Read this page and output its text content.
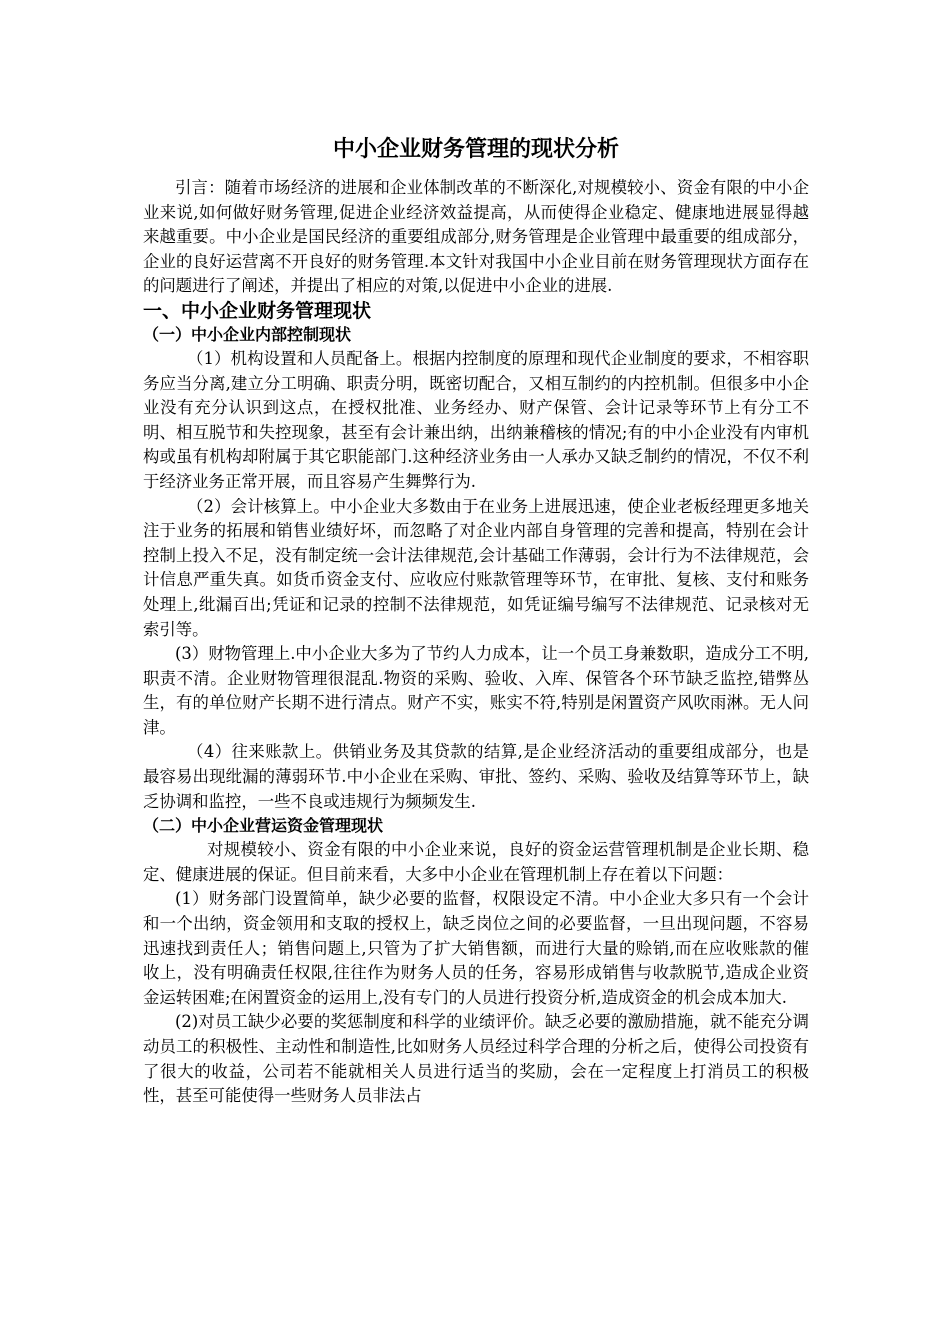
中小企业财务管理的现状分析

引言：随着市场经济的进展和企业体制改革的不断深化,对规模较小、资金有限的中小企业来说,如何做好财务管理,促进企业经济效益提高，从而使得企业稳定、健康地进展显得越来越重要。中小企业是国民经济的重要组成部分,财务管理是企业管理中最重要的组成部分，企业的良好运营离不开良好的财务管理.本文针对我国中小企业目前在财务管理现状方面存在的问题进行了阐述，并提出了相应的对策,以促进中小企业的进展.

一、中小企业财务管理现状
（一）中小企业内部控制现状

（1）机构设置和人员配备上。根据内控制度的原理和现代企业制度的要求，不相容职务应当分离,建立分工明确、职责分明，既密切配合，又相互制约的内控机制。但很多中小企业没有充分认识到这点，在授权批准、业务经办、财产保管、会计记录等环节上有分工不明、相互脱节和失控现象，甚至有会计兼出纳，出纳兼稽核的情况;有的中小企业没有内审机构或虽有机构却附属于其它职能部门.这种经济业务由一人承办又缺乏制约的情况，不仅不利于经济业务正常开展，而且容易产生舞弊行为.

（2）会计核算上。中小企业大多数由于在业务上进展迅速，使企业老板经理更多地关注于业务的拓展和销售业绩好坏，而忽略了对企业内部自身管理的完善和提高，特别在会计控制上投入不足，没有制定统一会计法律规范,会计基础工作薄弱，会计行为不法律规范，会计信息严重失真。如货币资金支付、应收应付账款管理等环节，在审批、复核、支付和账务处理上,纰漏百出;凭证和记录的控制不法律规范，如凭证编号编写不法律规范、记录核对无索引等。

(3）财物管理上.中小企业大多为了节约人力成本，让一个员工身兼数职，造成分工不明,职责不清。企业财物管理很混乱.物资的采购、验收、入库、保管各个环节缺乏监控,错弊丛生，有的单位财产长期不进行清点。财产不实，账实不符,特别是闲置资产风吹雨淋。无人问津。

（4）往来账款上。供销业务及其贷款的结算,是企业经济活动的重要组成部分，也是最容易出现纰漏的薄弱环节.中小企业在采购、审批、签约、采购、验收及结算等环节上，缺乏协调和监控，一些不良或违规行为频频发生.

（二）中小企业营运资金管理现状

对规模较小、资金有限的中小企业来说，良好的资金运营管理机制是企业长期、稳定、健康进展的保证。但目前来看，大多中小企业在管理机制上存在着以下问题：

(1）财务部门设置简单，缺少必要的监督，权限设定不清。中小企业大多只有一个会计和一个出纳，资金领用和支取的授权上，缺乏岗位之间的必要监督，一旦出现问题，不容易迅速找到责任人；销售问题上,只管为了扩大销售额，而进行大量的赊销,而在应收账款的催收上，没有明确责任权限,往往作为财务人员的任务，容易形成销售与收款脱节,造成企业资金运转困难;在闲置资金的运用上,没有专门的人员进行投资分析,造成资金的机会成本加大.

(2)对员工缺少必要的奖惩制度和科学的业绩评价。缺乏必要的激励措施，就不能充分调动员工的积极性、主动性和制造性,比如财务人员经过科学合理的分析之后，使得公司投资有了很大的收益，公司若不能就相关人员进行适当的奖励，会在一定程度上打消员工的积极性，甚至可能使得一些财务人员非法占
